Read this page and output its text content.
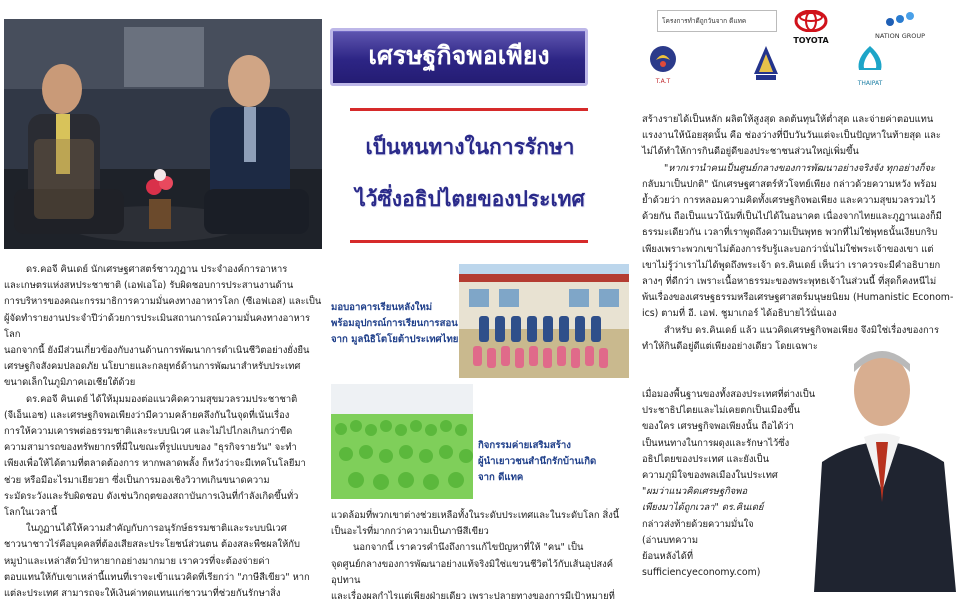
เศรษฐกิจพอเพียง
เป็นหนทางในการรักษา
ไว้ซึ่งอธิปไตยของประเทศ
โครงการทำดีถูกวันจาก ดีแทค
TOYOTA	NATION GROUP
T.A.T	THAIPAT

ดร.คอจี คินเดย์ นักเศรษฐศาสตร์ชาวภูฏาน ประจำองค์การอาหาร

และเกษตรแห่งสหประชาชาติ (เอฟเอโอ) รับผิดชอบการประสานงานด้าน

การบริหารของคณะกรรมาธิการความมั่นคงทางอาหารโลก (ซีเอฟเอส) และเป็น

ผู้จัดทำรายงานประจำปีว่าด้วยการประเมินสถานการณ์ความมั่นคงทางอาหารโลก

นอกจากนี้ ยังมีส่วนเกี่ยวข้องกับงานด้านการพัฒนาการดำเนินชีวิตอย่างยั่งยืน

เศรษฐกิจสังคมปลอดภัย นโยบายและกลยุทธ์ด้านการพัฒนาสำหรับประเทศ

ขนาดเล็กในภูมิภาคเอเชียใต้ด้วย

ดร.คอจี คินเดย์ ได้ให้มุมมองต่อแนวคิดความสุขมวลรวมประชาชาติ

(จีเอ็นเอช) และเศรษฐกิจพอเพียงว่ามีความคล้ายคลึงกันในจุดที่เน้นเรื่อง

การให้ความเคารพต่อธรรมชาติและระบบนิเวศ และไม่ไปไกลเกินกว่าขีด

ความสามารถของทรัพยากรที่มีในขณะที่รูปแบบของ "ธุรกิจรายวัน" จะทำ

เพียงเพื่อให้ได้ตามที่ตลาดต้องการ หากพลาดพลั้ง ก็หวังว่าจะมีเทคโนโลยีมา

ช่วย หรือมีอะไรมาเยียวยา ซึ่งเป็นการมองเชิงวิวาทเกินขนาดความ

ระมัดระวังและรับผิดชอบ ดังเช่นวิกฤตของสถาบันการเงินที่กำลังเกิดขึ้นทั่ว

โลกในเวลานี้

ในภูฏานได้ให้ความสำคัญกับการอนุรักษ์ธรรมชาติและระบบนิเวศ

ชาวนาชาวไร่คือบุคคลที่ต้องเสียสละประโยชน์ส่วนตน ต้องสละพืชผลให้กับ

หมูป่าและเหล่าสัตว์ป่าหายากอย่างมากมาย เราควรที่จะต้องจ่ายค่า

ตอบแทนให้กับเขาเหล่านี้แทนที่เราจะเข้าแนวคิดที่เรียกว่า "ภาษีสีเขียว" หาก

แต่ละประเทศ สามารถจะให้เงินค่าทดแทนแก่ชาวนาที่ช่วยกันรักษาสิ่ง

มอบอาคารเรียนหลังใหม่
พร้อมอุปกรณ์การเรียนการสอน
จาก มูลนิธิโตโยต้าประเทศไทย
กิจกรรมค่ายเสริมสร้าง
ผู้นำเยาวชนสำนึกรักบ้านเกิด
จาก ดีแทค

แวดล้อมที่พวกเขาต่างช่วยเหลือทั้งในระดับประเทศและในระดับโลก สิ่งนี้

เป็นอะไรที่มากกว่าความเป็นภาษีสีเขียว

นอกจากนี้ เราควรคำนึงถึงการแก้ไขปัญหาที่ให้ "คน" เป็น

จุดศูนย์กลางของการพัฒนาอย่างแท้จริงมิใช่แขวนชีวิตไว้กับเส้นอุปสงค์อุปทาน

และเรื่องผลกำไรแต่เพียงฝ่ายเดียว เพราะปลายทางของการมีเป้าหมายที่

สร้างรายได้เป็นหลัก ผลิตให้สูงสุด ลดต้นทุนให้ต่ำสุด และจ่ายค่าตอบแทน

แรงงานให้น้อยสุดนั้น คือ ช่องว่างที่บีบวันวันแต่จะเป็นปัญหาในท้ายสุด และ

ไม่ได้ทำให้การกินดีอยู่ดีของประชาชนส่วนใหญ่เพิ่มขึ้น

"หากเรานำคนเป็นศูนย์กลางของการพัฒนาอย่างจริงจัง ทุกอย่างก็จะ

กลับมาเป็นปกติ" นักเศรษฐศาสตร์หัวโจทย์เพียง กล่าวด้วยความหวัง พร้อม

ย้ำด้วยว่า การหลอมความคิดทั้งเศรษฐกิจพอเพียง และความสุขมวลรวมไว้

ด้วยกัน ถือเป็นแนวโน้มที่เป็นไปได้ในอนาคต เนื่องจากไทยและภูฏานเองก็มี

ธรรมะเดียวกัน เวลาที่เราพูดถึงความเป็นพุทธ พวกที่ไม่ใช่พุทธนั้นเงียบกริบ

เพียงเพราะพวกเขาไม่ต้องการรับรู้และบอกว่านั่นไม่ใช่พระเจ้าของเขา แต่

เขาไม่รู้ว่าเราไม่ได้พูดถึงพระเจ้า ดร.คินเดย์ เห็นว่า เราควรจะมีคำอธิบายก

ลางๆ ที่ดีกว่า เพราะเนื้อหาธรรมะของพระพุทธเจ้าในส่วนนี้ ที่สุดก็คงหนีไม่

พ้นเรื่องของเศรษฐธรรมหรือเศรษฐศาสตร์มนุษยนิยม (Humanistic Econom-

ics) ตามที่ อี. เอฟ. ชูมาเกอร์ ได้อธิบายไว้นั่นเอง

สำหรับ ดร.คินเดย์ แล้ว แนวคิดเศรษฐกิจพอเพียง จึงมิใช่เรื่องของการ

ทำให้กินดีอยู่ดีแต่เพียงอย่างเดียว โดยเฉพาะ

เมื่อมองพื้นฐานของทั้งสองประเทศที่ต่างเป็น

ประชาธิปไตยและไม่เคยตกเป็นเมืองขึ้น

ของใคร เศรษฐกิจพอเพียงนั้น ถือได้ว่า

เป็นหนทางในการผดุงและรักษาไว้ซึ่ง

อธิปไตยของประเทศ และยังเป็น

ความภูมิใจของพลเมืองในประเทศ

"ผมว่าแนวคิดเศรษฐกิจพอ

เพียงมาได้ถูกเวลา" ดร.คินเดย์

กล่าวส่งท้ายด้วยความมั่นใจ

(อ่านบทความ

ย้อนหลังได้ที่

sufficiencyeconomy.com)
